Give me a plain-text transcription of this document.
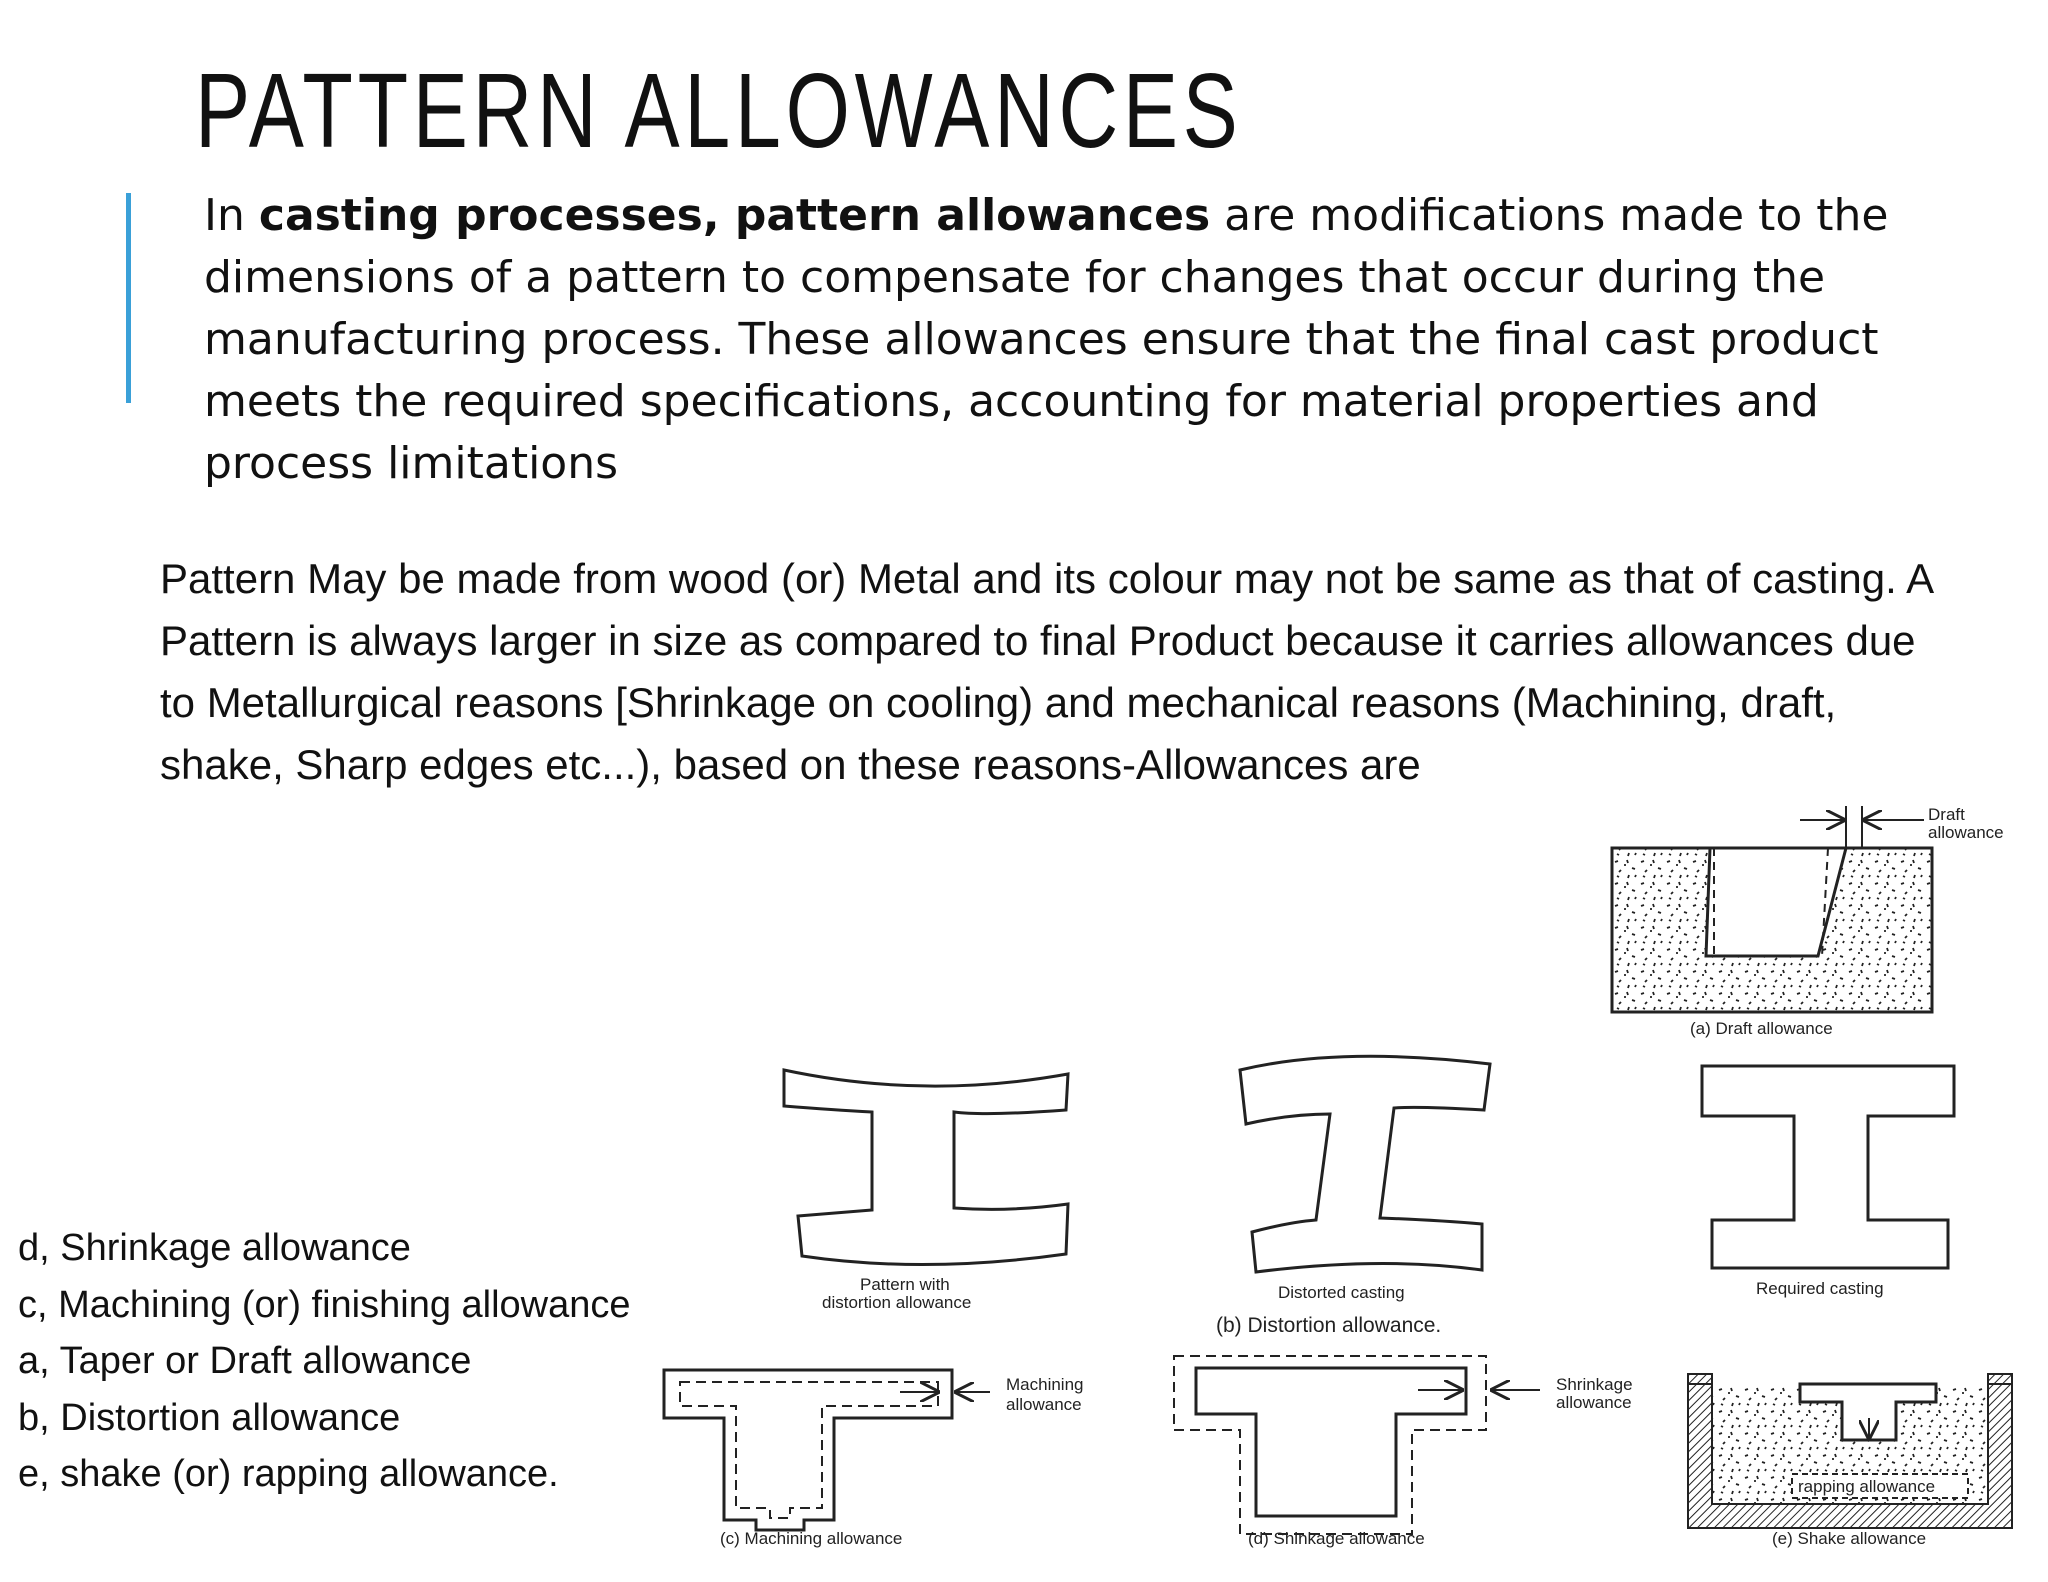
PATTERN ALLOWANCES
In casting processes, pattern allowances are modifications made to the dimensions of a pattern to compensate for changes that occur during the manufacturing process. These allowances ensure that the final cast product meets the required specifications, accounting for material properties and process limitations
Pattern May be made from wood (or) Metal and its colour may not be same as that of casting. A Pattern is always larger in size as compared to final Product because it carries allowances due to Metallurgical reasons [Shrinkage on cooling) and mechanical reasons (Machining, draft, shake, Sharp edges etc...), based on these reasons-Allowances are
d, Shrinkage allowance
c, Machining (or) finishing allowance
a, Taper or Draft allowance
b, Distortion allowance
e, shake (or) rapping allowance.
Draft
allowance
(a) Draft allowance
Pattern with
distortion allowance
Distorted casting
(b) Distortion allowance.
Required casting
Machining
allowance
(c) Machining allowance
Shrinkage
allowance
(d) Shinkage allowance
rapping allowance
(e) Shake allowance
